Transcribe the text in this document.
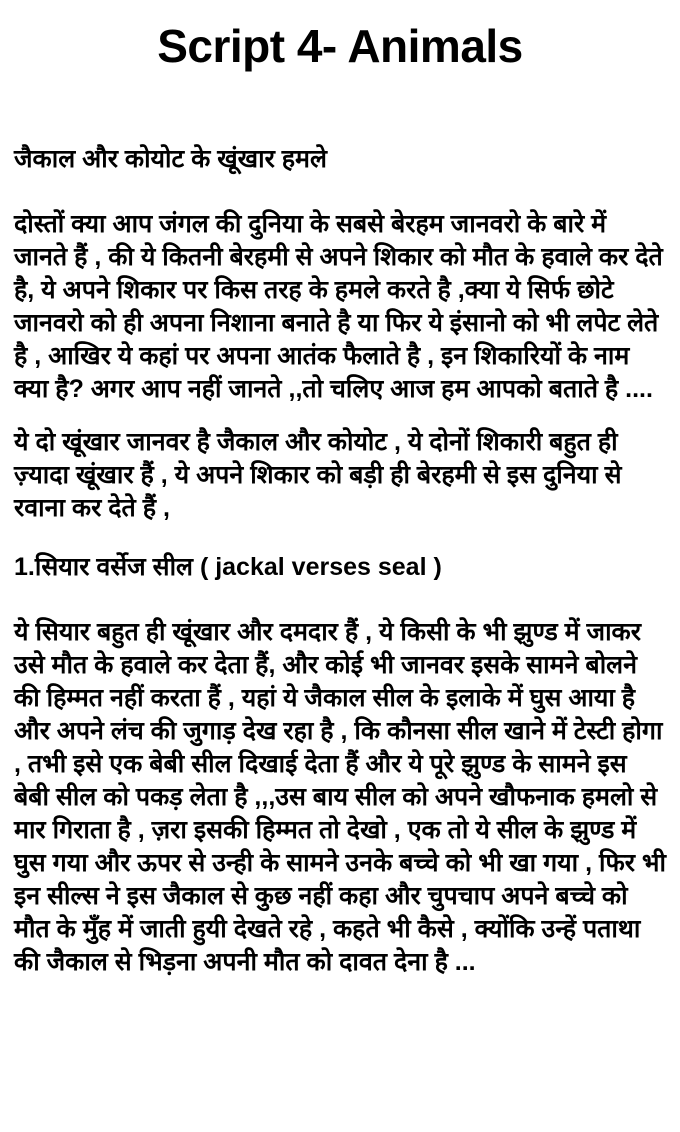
Script 4- Animals
जैकाल और कोयोट के खूंखार हमले

दोस्तों क्या आप जंगल की दुनिया के सबसे बेरहम जानवरो के बारे में जानते हैं , की ये कितनी बेरहमी से अपने शिकार को मौत के हवाले कर देते है, ये अपने शिकार पर किस तरह के हमले करते है ,क्या ये सिर्फ छोटे जानवरो को ही अपना निशाना बनाते है या फिर ये इंसानो को भी लपेट लेते है , आखिर ये कहां पर अपना आतंक फैलाते है , इन शिकारियों के नाम क्या है? अगर आप नहीं जानते ,,तो चलिए आज हम आपको बताते है ....

ये दो खूंखार जानवर है जैकाल और कोयोट , ये दोनों शिकारी बहुत ही ज़्यादा खूंखार हैं , ये अपने शिकार को बड़ी ही बेरहमी से इस दुनिया से रवाना कर देते हैं ,

1.सियार वर्सेज सील ( jackal verses seal )

ये सियार बहुत ही खूंखार और दमदार हैं , ये किसी के भी झुण्ड में जाकर उसे मौत के हवाले कर देता हैं, और कोई भी जानवर इसके सामने बोलने की हिम्मत नहीं करता हैं , यहां ये जैकाल सील के इलाके में घुस आया है और अपने लंच की जुगाड़ देख रहा है , कि कौनसा सील खाने में टेस्टी होगा , तभी इसे एक बेबी सील दिखाई देता हैं और ये पूरे झुण्ड के सामने इस बेबी सील को पकड़ लेता है ,,,उस बाय सील को अपने खौफनाक हमलो से मार गिराता है , ज़रा इसकी हिम्मत तो देखो , एक तो ये सील के झुण्ड में घुस गया और ऊपर से उन्ही के सामने उनके बच्चे को भी खा गया , फिर भी इन सील्स ने इस जैकाल से कुछ नहीं कहा और चुपचाप अपने बच्चे को मौत के मुँह में जाती हुयी देखते रहे , कहते भी कैसे , क्योंकि उन्हें पताथा की जैकाल से भिड़ना अपनी मौत को दावत देना है ...
